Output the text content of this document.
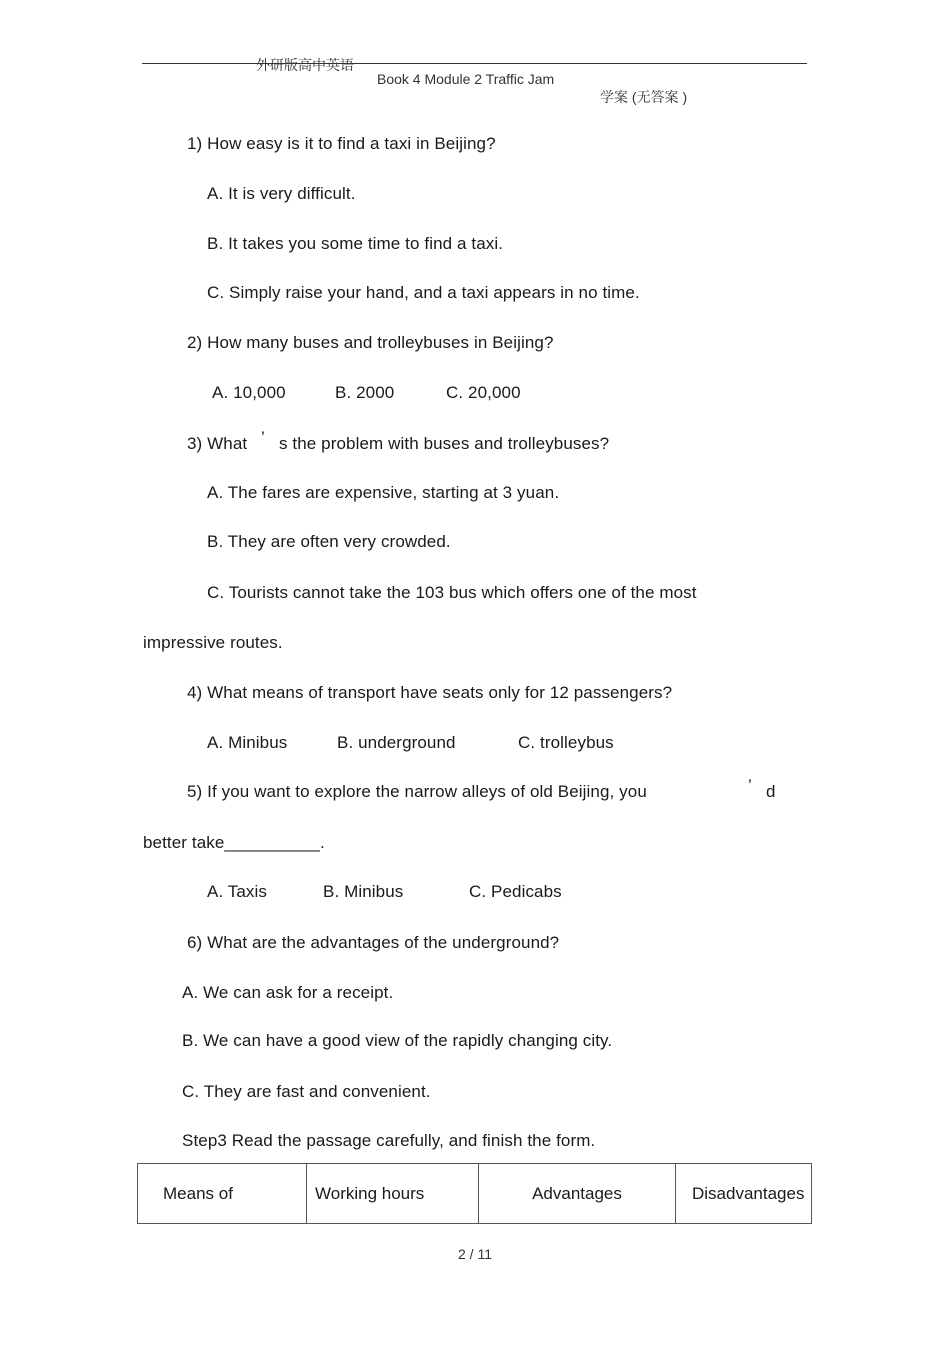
外研版高中英语

Book 4 Module 2 Traffic Jam

学案 (无答案 )

1) How easy is it to find a taxi in Beijing?
A. It is very difficult.
B. It takes you some time to find a taxi.
C. Simply raise your hand, and a taxi appears in no time.
2) How many buses and trolleybuses in Beijing?
A. 10,000	B. 2000	C. 20,000
3) What ’ s the problem with buses and trolleybuses?
A. The fares are expensive, starting at 3 yuan.
B. They are often very crowded.
C. Tourists cannot take the 103 bus which offers one of the most
impressive routes.
4) What means of transport have seats only for 12 passengers?
A. Minibus	B. underground	C. trolleybus
5) If you want to explore the narrow alleys of old Beijing, you	’ d
better take__________.
A. Taxis	B. Minibus	C. Pedicabs
6) What are the advantages of the underground?
A. We can ask for a receipt.
B. We can have a good view of the rapidly changing city.
C. They are fast and convenient.
Step3 Read the passage carefully, and finish the form.
Means of	Working hours	Advantages	Disadvantages
2 / 11
